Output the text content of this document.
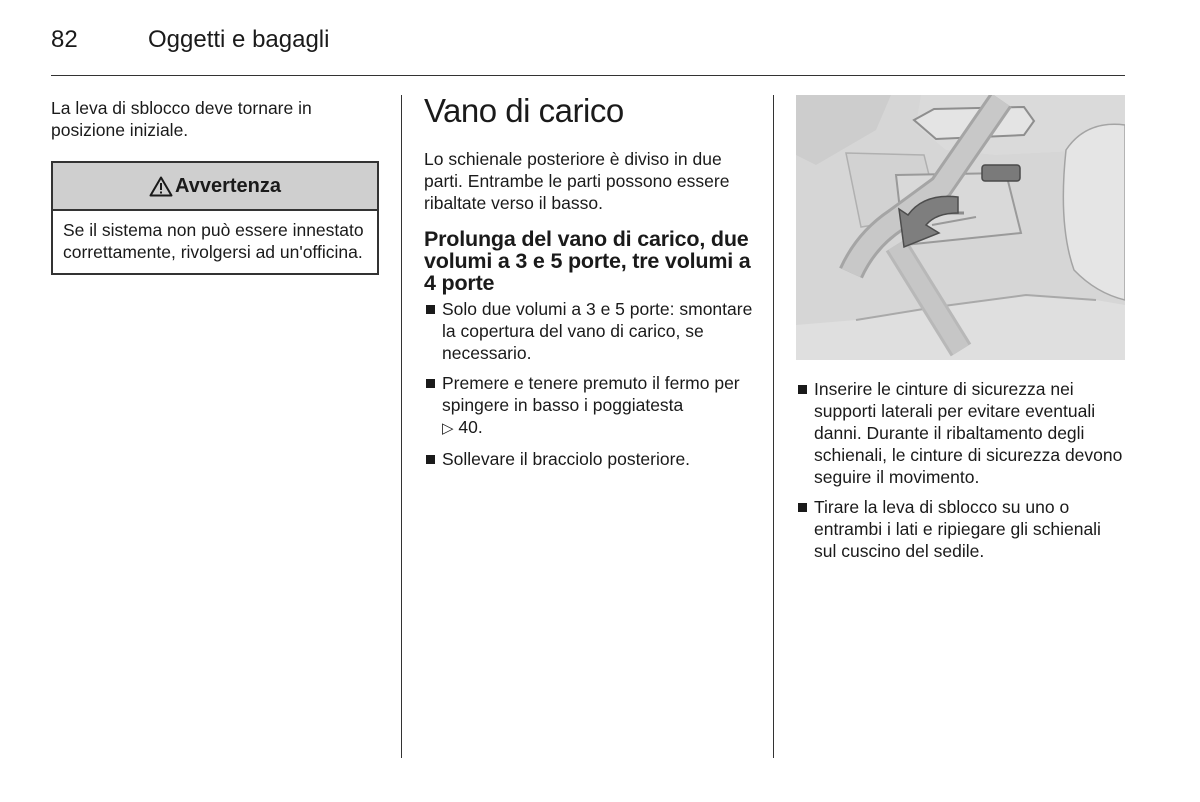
82	Oggetti e bagagli

La leva di sblocco deve tornare in posizione iniziale.

Avvertenza
Se il sistema non può essere innestato correttamente, rivolgersi ad un'officina.
Vano di carico

Lo schienale posteriore è diviso in due parti. Entrambe le parti possono essere ribaltate verso il basso.

Prolunga del vano di carico, due volumi a 3 e 5 porte, tre volumi a 4 porte
Solo due volumi a 3 e 5 porte: smontare la copertura del vano di carico, se necessario.
Premere e tenere premuto il fermo per spingere in basso i poggiatesta
▷ 40.
Sollevare il bracciolo posteriore.
Inserire le cinture di sicurezza nei supporti laterali per evitare eventuali danni. Durante il ribaltamento degli schienali, le cinture di sicurezza devono seguire il movimento.
Tirare la leva di sblocco su uno o entrambi i lati e ripiegare gli schienali sul cuscino del sedile.
